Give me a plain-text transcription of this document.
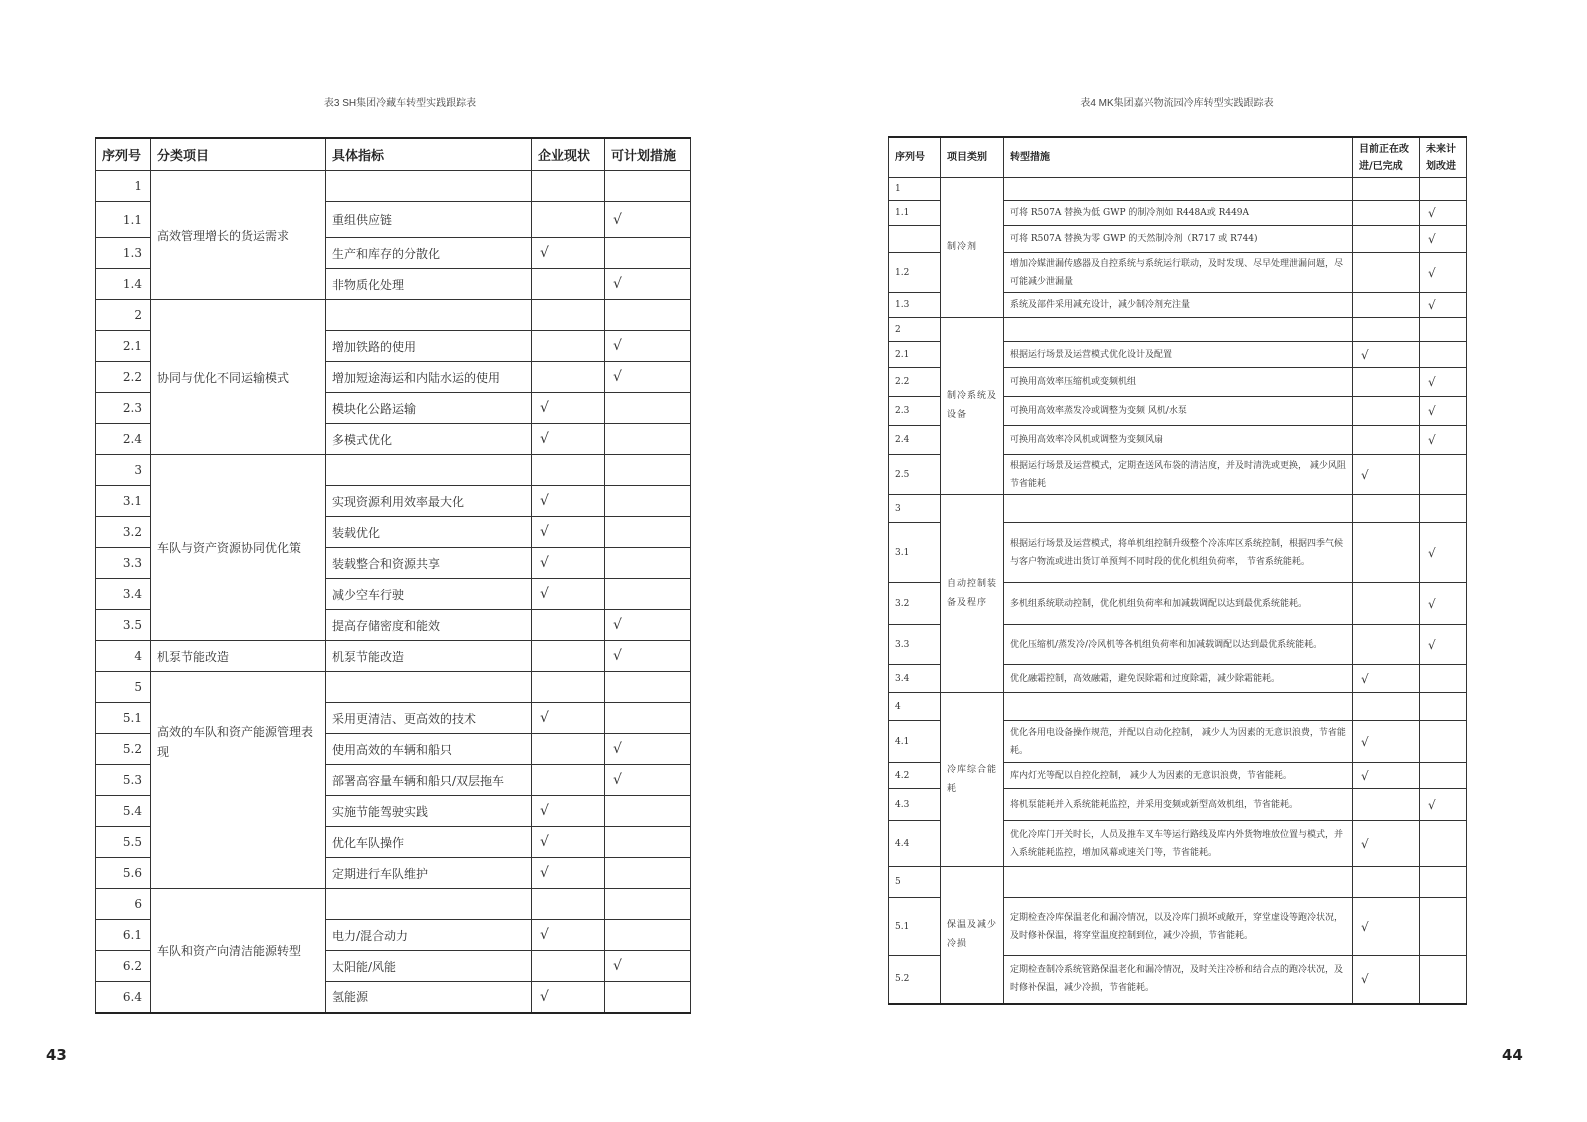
表3 SH集团冷藏车转型实践跟踪表	表4 MK集团嘉兴物流园冷库转型实践跟踪表
序列号	分类项目	具体指标	企业现状	可计划措施
1	高效管理增长的货运需求			
1.1		重组供应链		√
1.3		生产和库存的分散化	√	
1.4		非物质化处理		√
2	协同与优化不同运输模式			
2.1		增加铁路的使用		√
2.2		增加短途海运和内陆水运的使用		√
2.3		模块化公路运输	√	
2.4		多模式优化	√	
3	车队与资产资源协同优化策			
3.1		实现资源利用效率最大化	√	
3.2		装载优化	√	
3.3		装载整合和资源共享	√	
3.4		减少空车行驶	√	
3.5		提高存储密度和能效		√
4	机泵节能改造	机泵节能改造		√
5	高效的车队和资产能源管理表现			
5.1		采用更清洁、更高效的技术	√	
5.2		使用高效的车辆和船只		√
5.3		部署高容量车辆和船只/双层拖车		√
5.4		实施节能驾驶实践	√	
5.5		优化车队操作	√	
5.6		定期进行车队维护	√	
6	车队和资产向清洁能源转型			
6.1		电力/混合动力	√	
6.2		太阳能/风能		√
6.4		氢能源	√	
序列号	项目类别	转型措施	目前正在改进/已完成	未来计划改进
1	制冷剂			
1.1		可将 R507A 替换为低 GWP 的制冷剂如 R448A或 R449A		√
		可将 R507A 替换为零 GWP 的天然制冷剂（R717 或 R744)		√
1.2		增加冷媒泄漏传感器及自控系统与系统运行联动，及时发现、尽早处理泄漏问题，尽可能减少泄漏量		√
1.3		系统及部件采用减充设计，减少制冷剂充注量		√
2	制冷系统及设备			
2.1		根据运行场景及运营模式优化设计及配置	√	
2.2		可换用高效率压缩机或变频机组		√
2.3		可换用高效率蒸发冷或调整为变频 风机/水泵		√
2.4		可换用高效率冷风机或调整为变频风扇		√
2.5		根据运行场景及运营模式，定期查送风布袋的清洁度，并及时清洗或更换， 减少风阻节省能耗	√	
3	自动控制装备及程序			
3.1		根据运行场景及运营模式，将单机组控制升级整个冷冻库区系统控制，根据四季气候与客户物流或进出货订单预判不同时段的优化机组负荷率， 节省系统能耗。		√
3.2		多机组系统联动控制，优化机组负荷率和加减载调配以达到最优系统能耗。		√
3.3		优化压缩机/蒸发冷/冷风机等各机组负荷率和加减载调配以达到最优系统能耗。		√
3.4		优化融霜控制，高效融霜，避免误除霜和过度除霜，减少除霜能耗。	√	
4	冷库综合能耗			
4.1		优化各用电设备操作规范，并配以自动化控制， 减少人为因素的无意识浪费，节省能耗。	√	
4.2		库内灯光等配以自控化控制， 减少人为因素的无意识浪费，节省能耗。	√	
4.3		将机泵能耗并入系统能耗监控，并采用变频或新型高效机组，节省能耗。		√
4.4		优化冷库门开关时长，人员及推车叉车等运行路线及库内外货物堆放位置与模式，并入系统能耗监控，增加风幕或速关门等，节省能耗。	√	
5	保温及减少冷损			
5.1		定期检查冷库保温老化和漏冷情况，以及冷库门损坏或敞开，穿堂虚设等跑冷状况，及时修补保温，将穿堂温度控制到位，减少冷损，节省能耗。	√	
5.2		定期检查制冷系统管路保温老化和漏冷情况，及时关注冷桥和结合点的跑冷状况，及时修补保温，减少冷损，节省能耗。	√	
43	44
